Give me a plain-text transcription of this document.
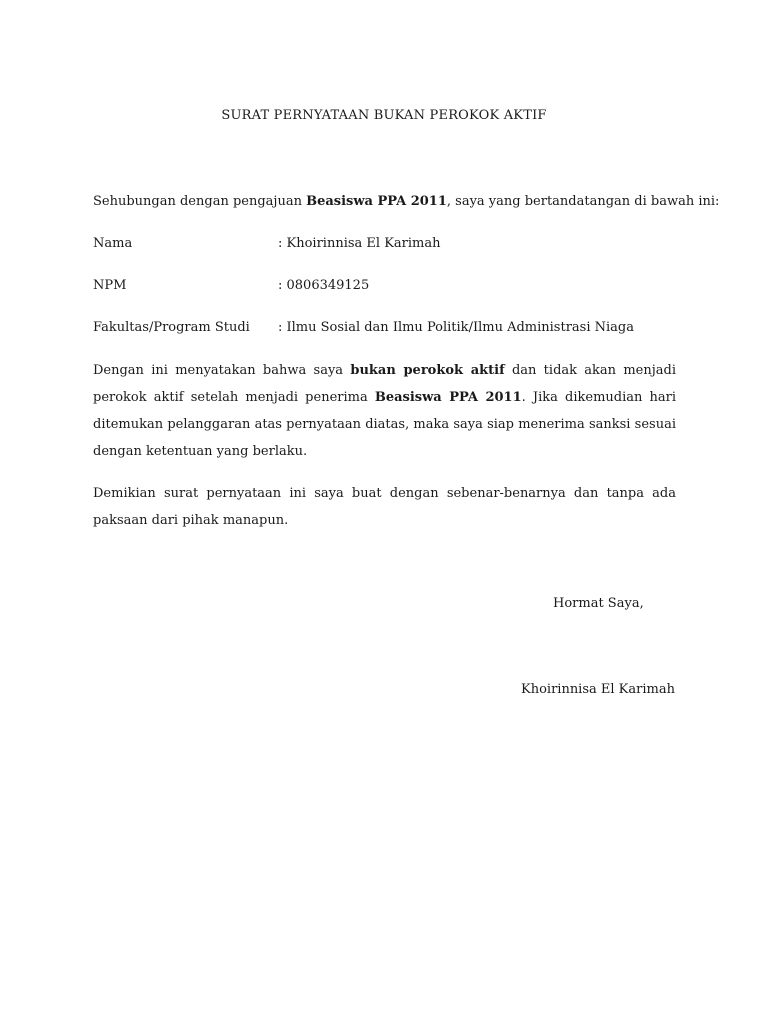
SURAT PERNYATAAN BUKAN PEROKOK AKTIF
Sehubungan dengan pengajuan Beasiswa PPA 2011, saya yang bertandatangan di bawah ini:
Nama	: Khoirinnisa El Karimah
NPM	: 0806349125
Fakultas/Program Studi : Ilmu Sosial dan Ilmu Politik/Ilmu Administrasi Niaga
Dengan ini menyatakan bahwa saya bukan perokok aktif dan tidak akan menjadi perokok aktif setelah menjadi penerima Beasiswa PPA 2011. Jika dikemudian hari ditemukan pelanggaran atas pernyataan diatas, maka saya siap menerima sanksi sesuai dengan ketentuan yang berlaku.
Demikian surat pernyataan ini saya buat dengan sebenar-benarnya dan tanpa ada paksaan dari pihak manapun.
Hormat Saya,
Khoirinnisa El Karimah
